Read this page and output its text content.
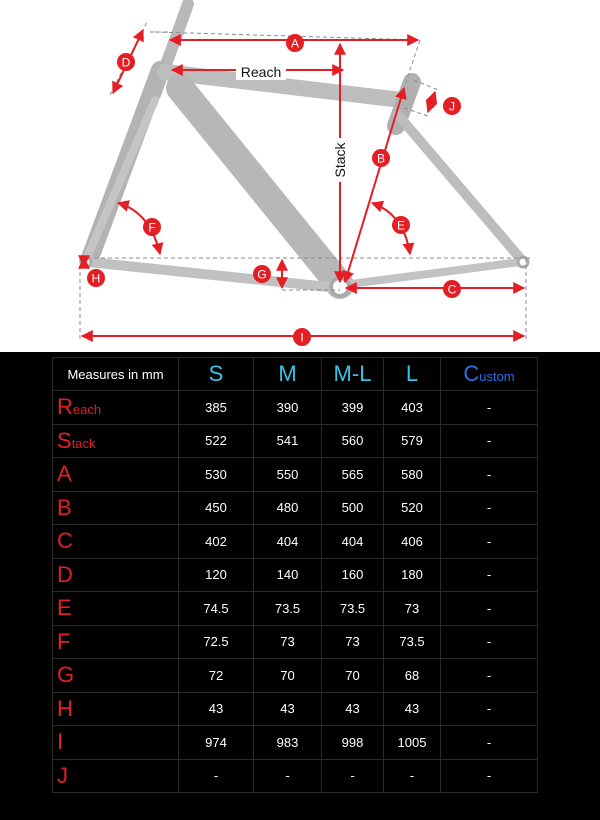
A
B
C
D
E
F
G
H
I
J
Reach
Stack
Measures in mm	S	M	M-L	L	Custom
Reach	385	390	399	403	-
Stack	522	541	560	579	-
A	530	550	565	580	-
B	450	480	500	520	-
C	402	404	404	406	-
D	120	140	160	180	-
E	74.5	73.5	73.5	73	-
F	72.5	73	73	73.5	-
G	72	70	70	68	-
H	43	43	43	43	-
I	974	983	998	1005	-
J	-	-	-	-	-
